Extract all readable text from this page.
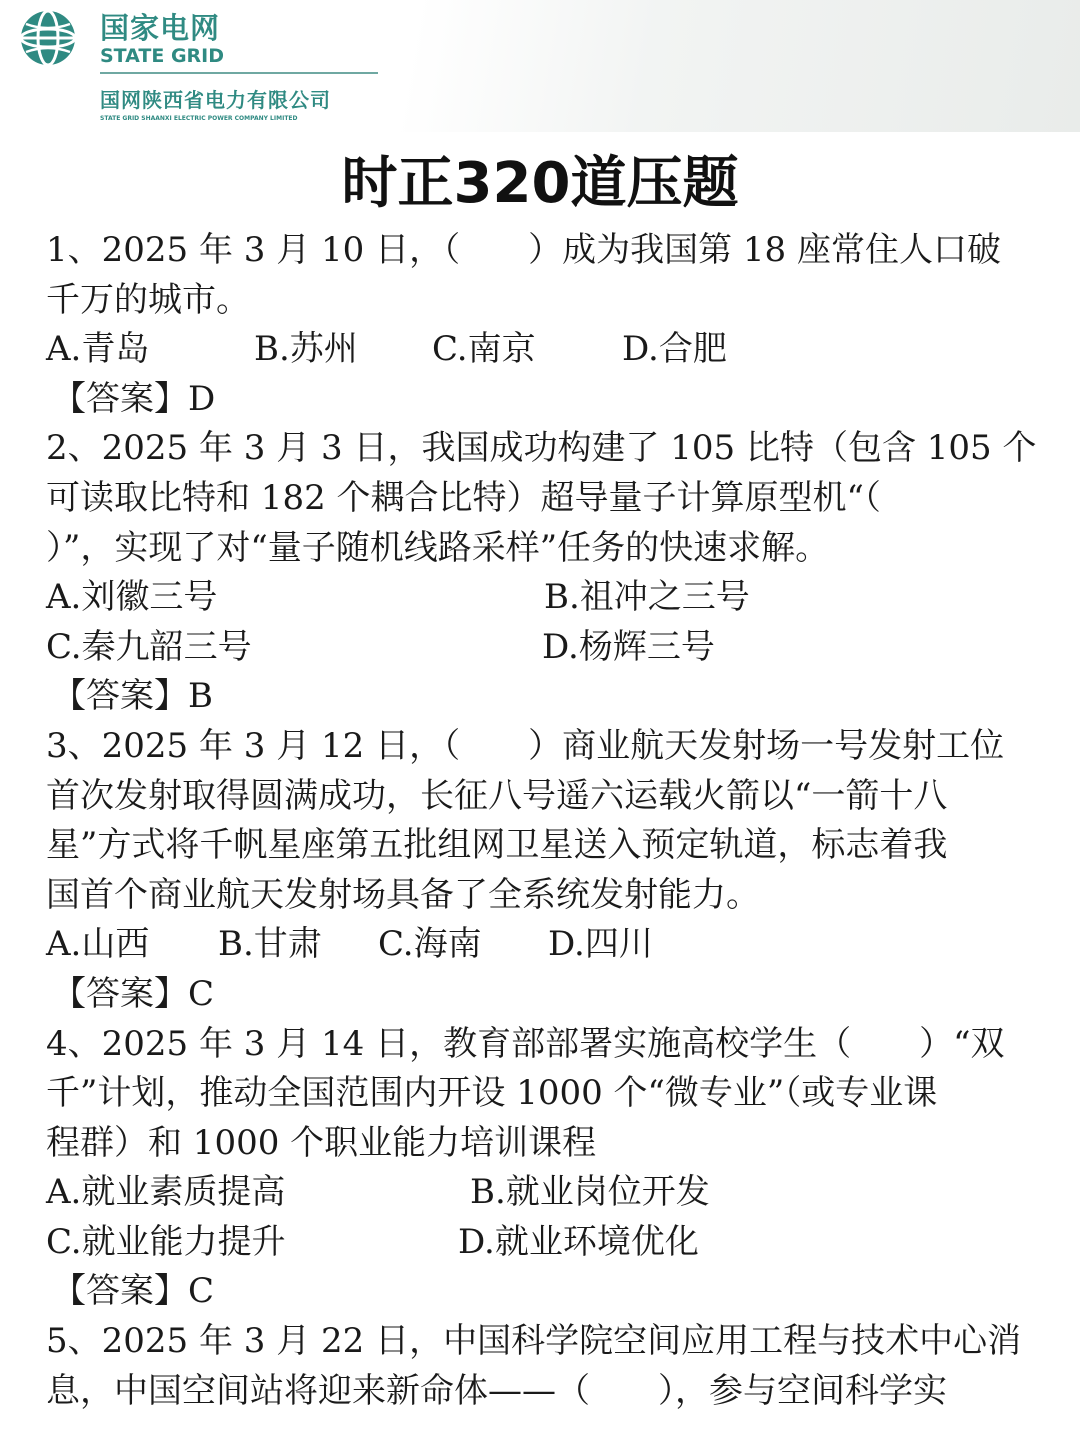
国家电网
STATE GRID
国网陕西省电力有限公司
STATE GRID SHAANXI ELECTRIC POWER COMPANY LIMITED
时正320道压题
1、2025 年 3 月 10 日，（　　）成为我国第 18 座常住人口破
千万的城市。
A.青岛	B.苏州 C.南京	D.合肥
【答案】D
2、2025 年 3 月 3 日，我国成功构建了 105 比特（包含 105 个
可读取比特和 182 个耦合比特）超导量子计算原型机“（
）”，实现了对“量子随机线路采样”任务的快速求解。
A.刘徽三号	B.祖冲之三号
C.秦九韶三号	D.杨辉三号
【答案】B
3、2025 年 3 月 12 日，（　　）商业航天发射场一号发射工位
首次发射取得圆满成功，长征八号遥六运载火箭以“一箭十八
星”方式将千帆星座第五批组网卫星送入预定轨道，标志着我
国首个商业航天发射场具备了全系统发射能力。
A.山西 B.甘肃 C.海南 D.四川
【答案】C
4、2025 年 3 月 14 日，教育部部署实施高校学生（　　）“双
千”计划，推动全国范围内开设 1000 个“微专业”（或专业课
程群）和 1000 个职业能力培训课程
A.就业素质提高	B.就业岗位开发
C.就业能力提升	D.就业环境优化
【答案】C
5、2025 年 3 月 22 日，中国科学院空间应用工程与技术中心消
息，中国空间站将迎来新命体——（　　），参与空间科学实
